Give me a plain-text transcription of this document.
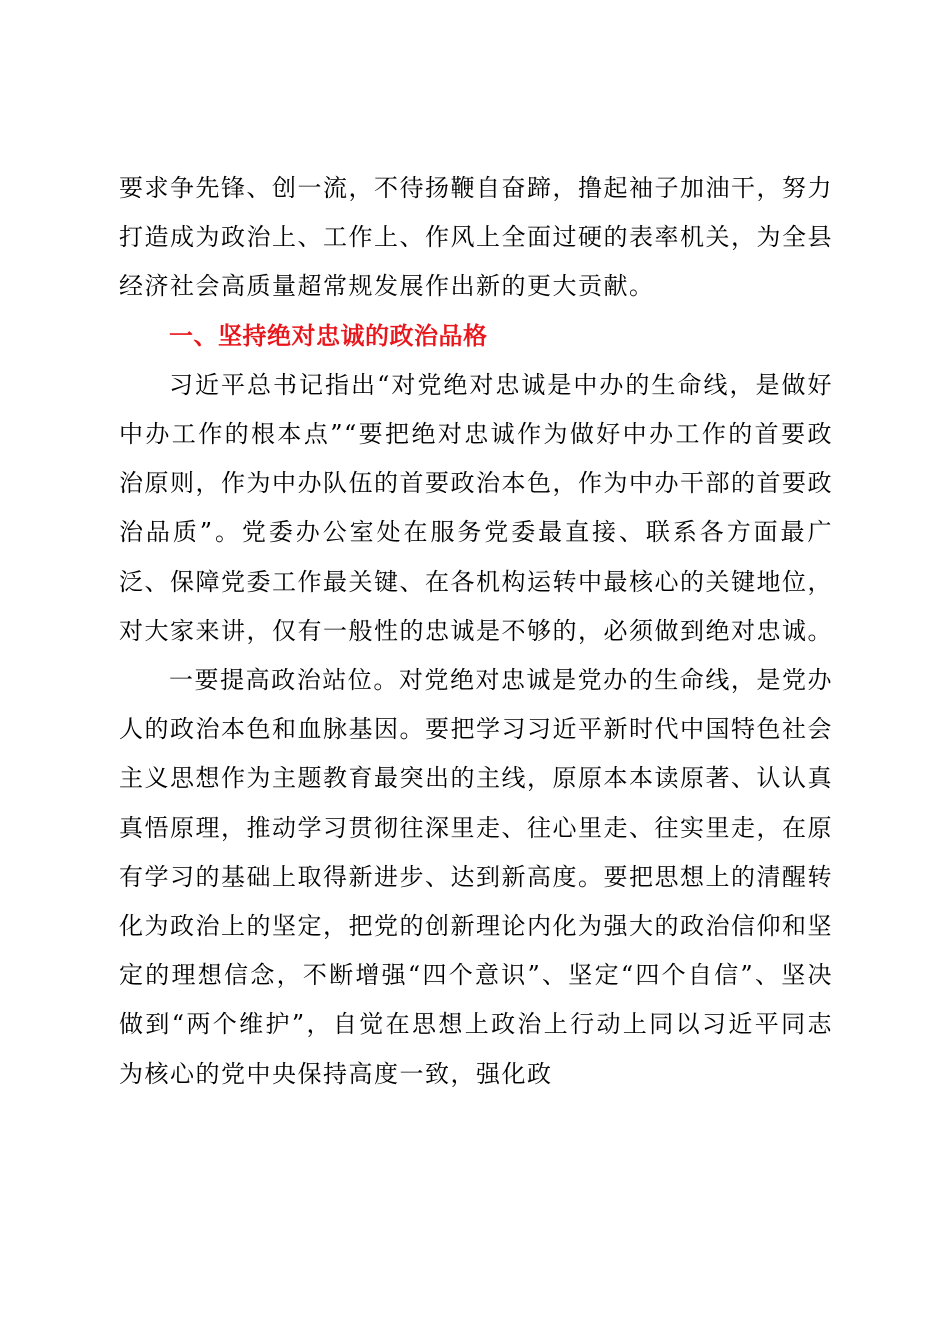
要求争先锋、创一流，不待扬鞭自奋蹄，撸起袖子加油干，努力打造成为政治上、工作上、作风上全面过硬的表率机关，为全县经济社会高质量超常规发展作出新的更大贡献。

一、坚持绝对忠诚的政治品格

习近平总书记指出“对党绝对忠诚是中办的生命线，是做好中办工作的根本点”“要把绝对忠诚作为做好中办工作的首要政治原则，作为中办队伍的首要政治本色，作为中办干部的首要政治品质”。党委办公室处在服务党委最直接、联系各方面最广泛、保障党委工作最关键、在各机构运转中最核心的关键地位，对大家来讲，仅有一般性的忠诚是不够的，必须做到绝对忠诚。

一要提高政治站位。对党绝对忠诚是党办的生命线，是党办人的政治本色和血脉基因。要把学习习近平新时代中国特色社会主义思想作为主题教育最突出的主线，原原本本读原著、认认真真悟原理，推动学习贯彻往深里走、往心里走、往实里走，在原有学习的基础上取得新进步、达到新高度。要把思想上的清醒转化为政治上的坚定，把党的创新理论内化为强大的政治信仰和坚定的理想信念，不断增强“四个意识”、坚定“四个自信”、坚决做到“两个维护”，自觉在思想上政治上行动上同以习近平同志为核心的党中央保持高度一致，强化政
